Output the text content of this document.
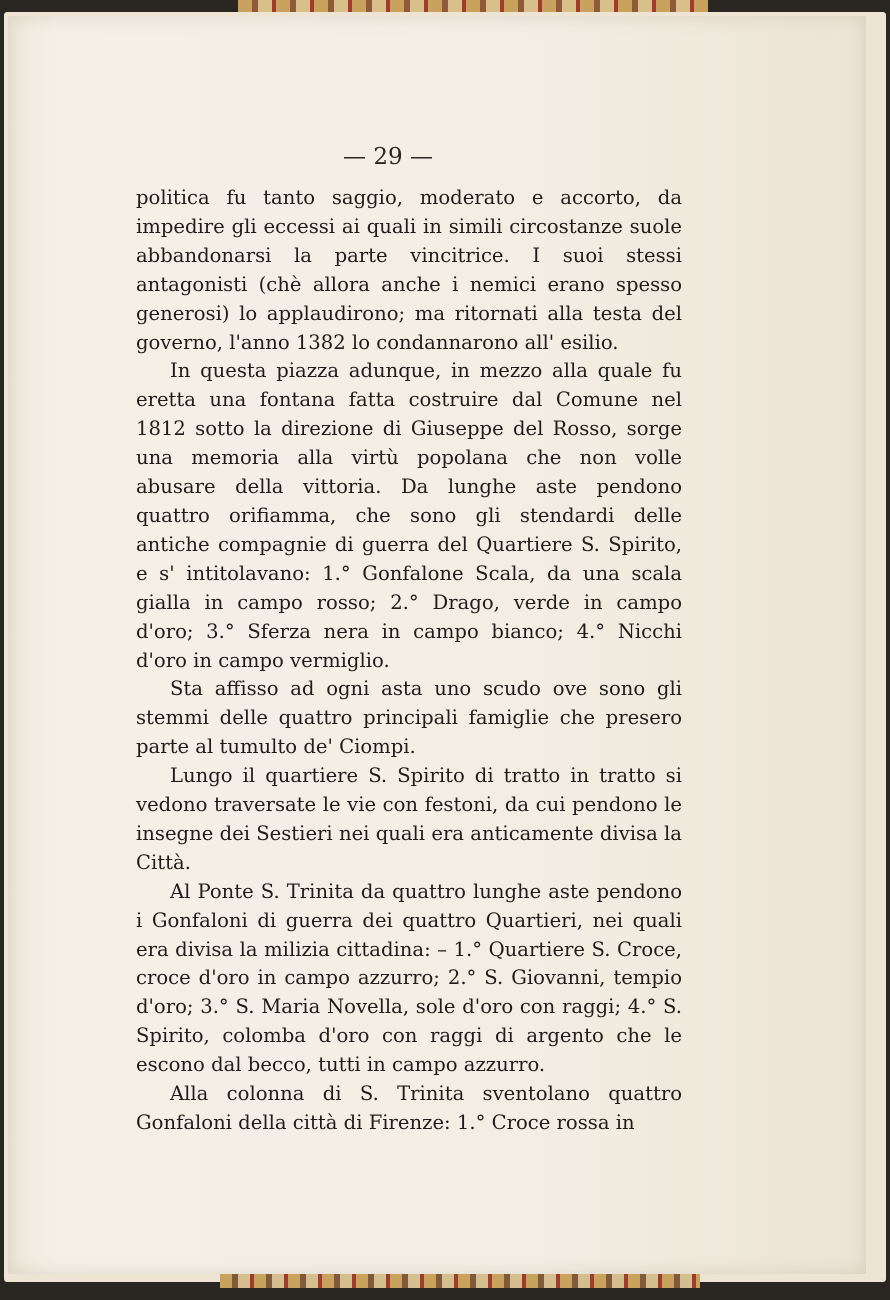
— 29 —

politica fu tanto saggio, moderato e accorto, da impedire gli eccessi ai quali in simili circostanze suole abbandonarsi la parte vincitrice. I suoi stessi antagonisti (chè allora anche i nemici erano spesso generosi) lo applaudirono; ma ritornati alla testa del governo, l'anno 1382 lo condannarono all' esilio.

In questa piazza adunque, in mezzo alla quale fu eretta una fontana fatta costruire dal Comune nel 1812 sotto la direzione di Giuseppe del Rosso, sorge una memoria alla virtù popolana che non volle abusare della vittoria. Da lunghe aste pendono quattro orifiamma, che sono gli stendardi delle antiche compagnie di guerra del Quartiere S. Spirito, e s' intitolavano: 1.° Gonfalone Scala, da una scala gialla in campo rosso; 2.° Drago, verde in campo d'oro; 3.° Sferza nera in campo bianco; 4.° Nicchi d'oro in campo vermiglio.

Sta affisso ad ogni asta uno scudo ove sono gli stemmi delle quattro principali famiglie che presero parte al tumulto de' Ciompi.

Lungo il quartiere S. Spirito di tratto in tratto si vedono traversate le vie con festoni, da cui pendono le insegne dei Sestieri nei quali era anticamente divisa la Città.

Al Ponte S. Trinita da quattro lunghe aste pendono i Gonfaloni di guerra dei quattro Quartieri, nei quali era divisa la milizia cittadina: – 1.° Quartiere S. Croce, croce d'oro in campo azzurro; 2.° S. Giovanni, tempio d'oro; 3.° S. Maria Novella, sole d'oro con raggi; 4.° S. Spirito, colomba d'oro con raggi di argento che le escono dal becco, tutti in campo azzurro.

Alla colonna di S. Trinita sventolano quattro Gonfaloni della città di Firenze: 1.° Croce rossa in
